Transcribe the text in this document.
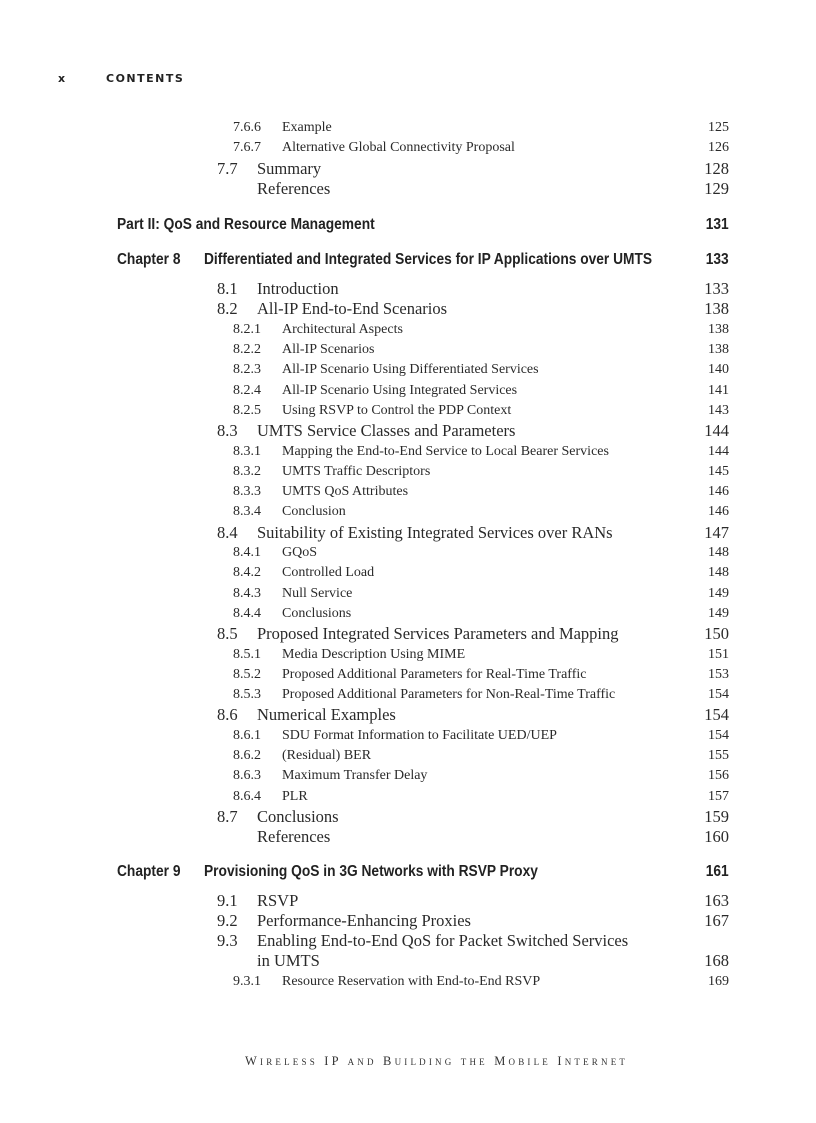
x	CONTENTS
7.6.6 Example	125
7.6.7 Alternative Global Connectivity Proposal	126
7.7 Summary	128
References	129
Part II: QoS and Resource Management	131
Chapter 8 Differentiated and Integrated Services for IP Applications over UMTS	133
8.1 Introduction	133
8.2 All-IP End-to-End Scenarios	138
8.2.1 Architectural Aspects	138
8.2.2 All-IP Scenarios	138
8.2.3 All-IP Scenario Using Differentiated Services	140
8.2.4 All-IP Scenario Using Integrated Services	141
8.2.5 Using RSVP to Control the PDP Context	143
8.3 UMTS Service Classes and Parameters	144
8.3.1 Mapping the End-to-End Service to Local Bearer Services	144
8.3.2 UMTS Traffic Descriptors	145
8.3.3 UMTS QoS Attributes	146
8.3.4 Conclusion	146
8.4 Suitability of Existing Integrated Services over RANs	147
8.4.1 GQoS	148
8.4.2 Controlled Load	148
8.4.3 Null Service	149
8.4.4 Conclusions	149
8.5 Proposed Integrated Services Parameters and Mapping	150
8.5.1 Media Description Using MIME	151
8.5.2 Proposed Additional Parameters for Real-Time Traffic	153
8.5.3 Proposed Additional Parameters for Non-Real-Time Traffic	154
8.6 Numerical Examples	154
8.6.1 SDU Format Information to Facilitate UED/UEP	154
8.6.2 (Residual) BER	155
8.6.3 Maximum Transfer Delay	156
8.6.4 PLR	157
8.7 Conclusions	159
References	160
Chapter 9 Provisioning QoS in 3G Networks with RSVP Proxy	161
9.1 RSVP	163
9.2 Performance-Enhancing Proxies	167
9.3 Enabling End-to-End QoS for Packet Switched Services
in UMTS	168
9.3.1 Resource Reservation with End-to-End RSVP	169
Wireless IP and Building the Mobile Internet
